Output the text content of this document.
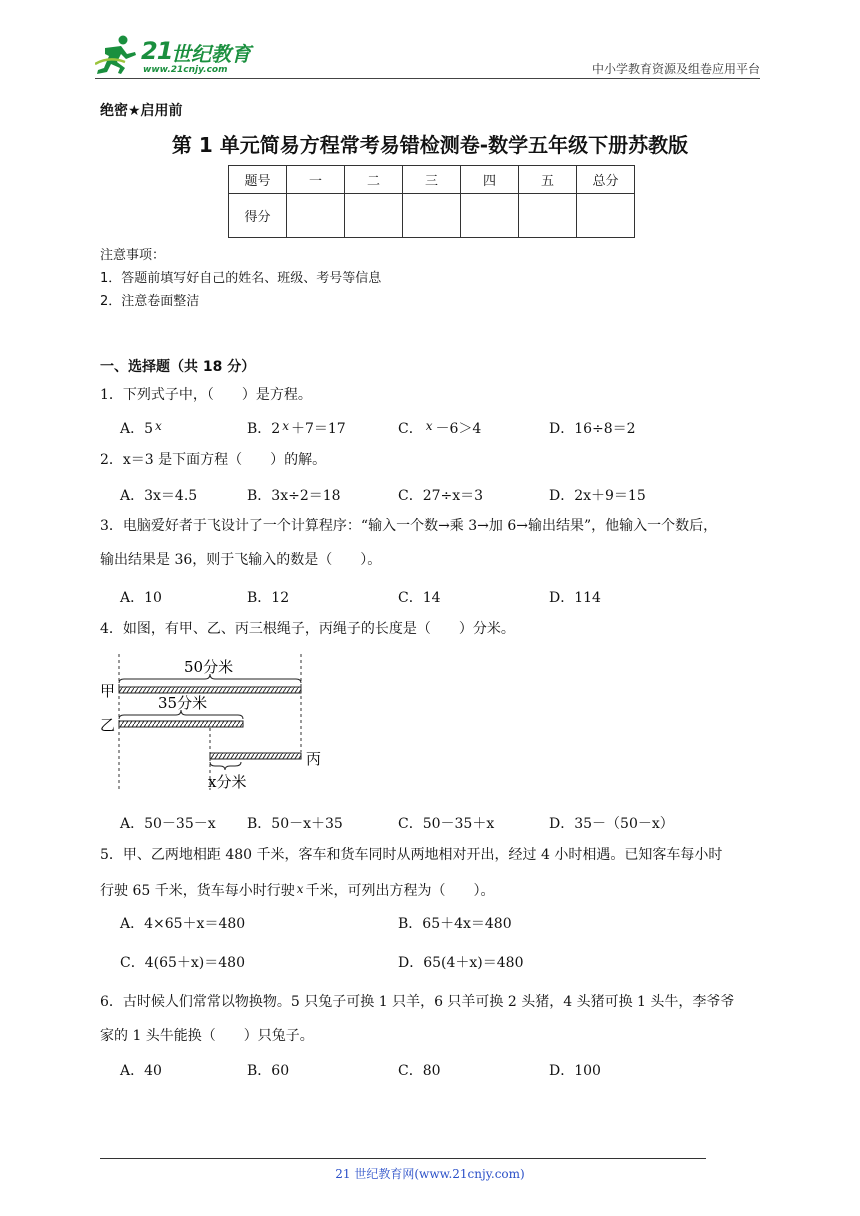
21
世纪教育
www.21cnjy.com	中小学教育资源及组卷应用平台
绝密★启用前
第 1 单元简易方程常考易错检测卷-数学五年级下册苏教版
题号	一	二	三	四	五	总分
得分						
注意事项：
1．答题前填写好自己的姓名、班级、考号等信息
2．注意卷面整洁
一、选择题（共 18 分）
1．下列式子中，（　　）是方程。
A．5 x	B．2 x ＋7＝17	C． x －6＞4	D．16÷8＝2
2．x＝3 是下面方程（　　）的解。
A．3x＝4.5	B．3x÷2＝18	C．27÷x＝3	D．2x＋9＝15
3．电脑爱好者于飞设计了一个计算程序：“输入一个数→乘 3→加 6→输出结果”，他输入一个数后，
输出结果是 36，则于飞输入的数是（　　）。
A．10	B．12	C．14	D．114
4．如图，有甲、乙、丙三根绳子，丙绳子的长度是（　　）分米。
50分米
甲
35分米
乙
丙
x分米
A．50－35－x B．50－x＋35	C．50－35＋x	D．35－（50－x）
5．甲、乙两地相距 480 千米，客车和货车同时从两地相对开出，经过 4 小时相遇。已知客车每小时
行驶 65 千米，货车每小时行驶 x 千米，可列出方程为（　　）。
A．4×65＋x＝480	B．65＋4x＝480
C．4(65＋x)＝480	D．65(4＋x)＝480
6．古时候人们常常以物换物。5 只兔子可换 1 只羊，6 只羊可换 2 头猪，4 头猪可换 1 头牛，李爷爷
家的 1 头牛能换（　　）只兔子。
A．40	B．60	C．80	D．100
21 世纪教育网(www.21cnjy.com)
